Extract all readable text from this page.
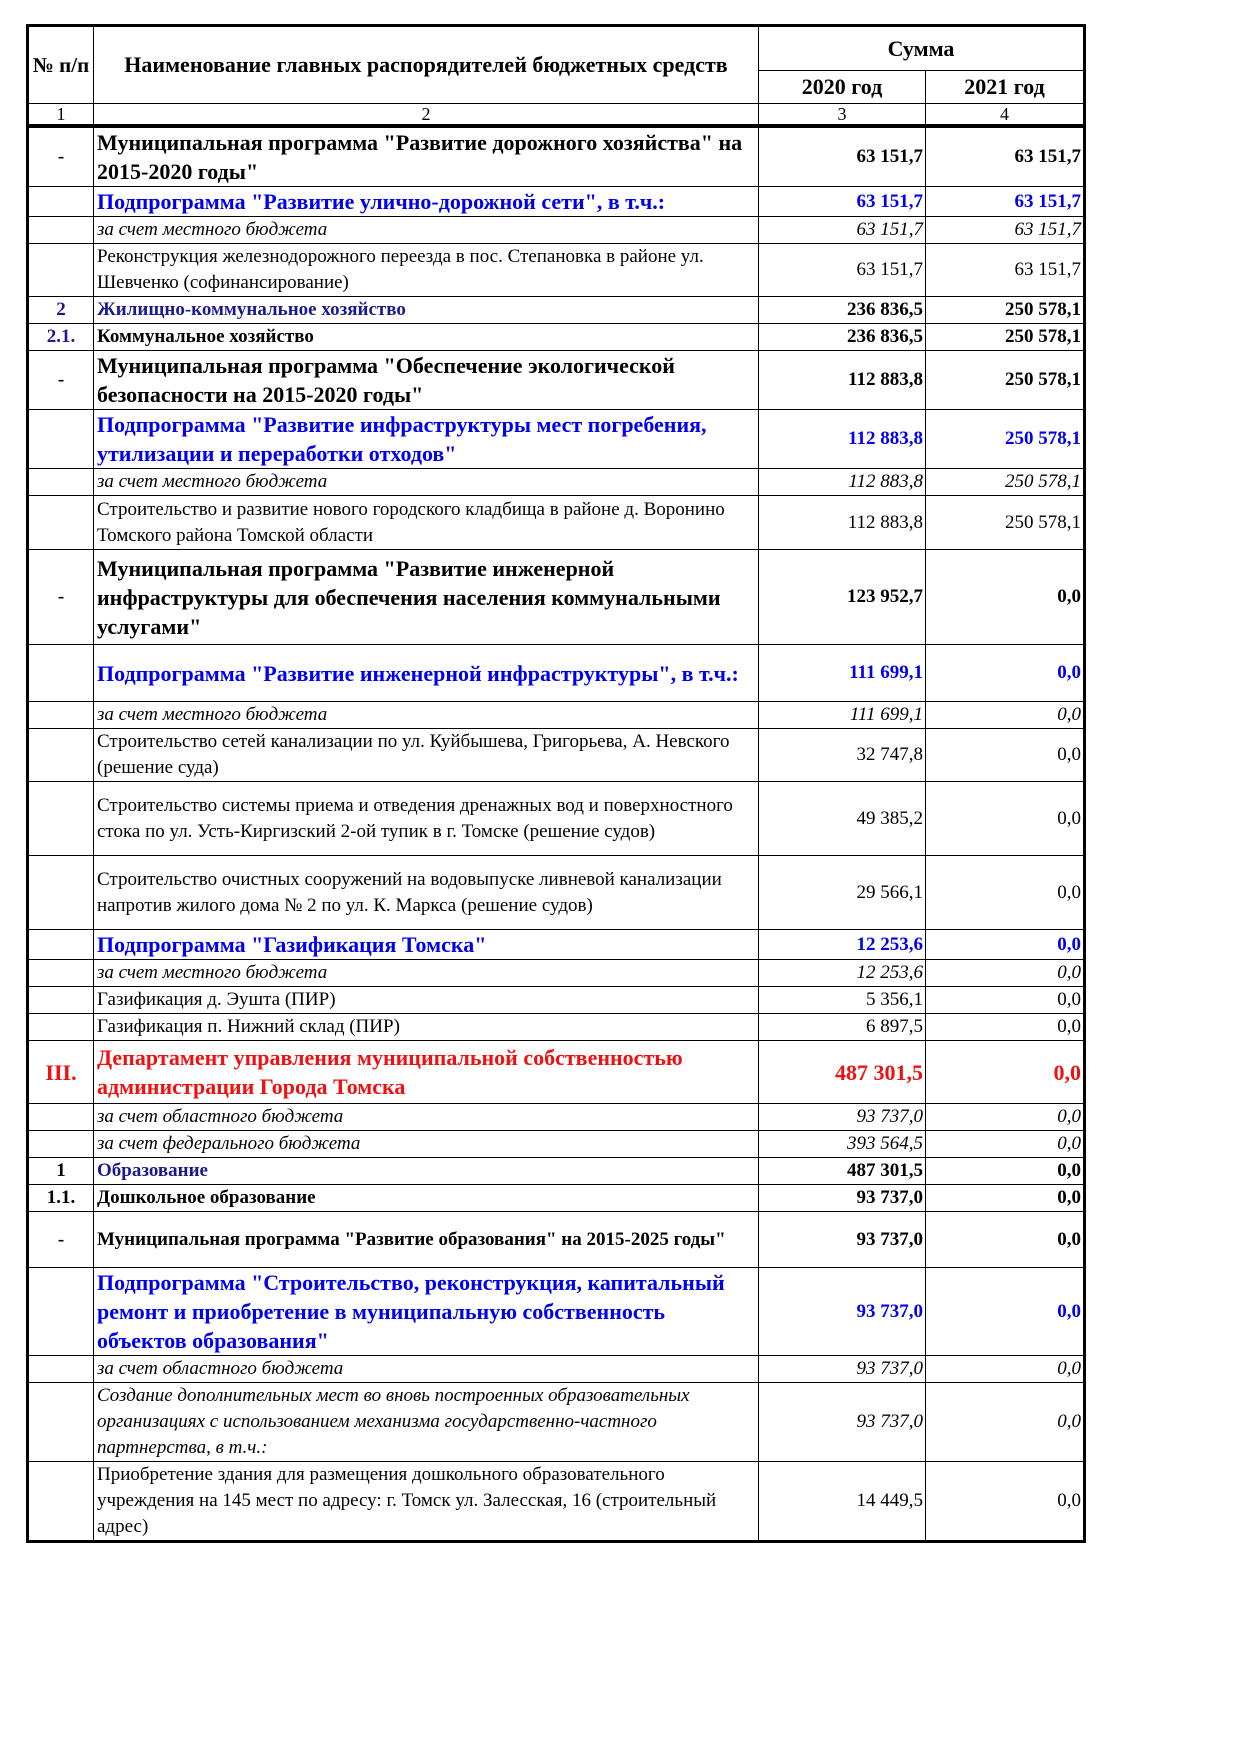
№ п/п	Наименование главных распорядителей бюджетных средств	Сумма	
		2020 год	2021 год
1	2	3	4
-	Муниципальная программа "Развитие дорожного хозяйства" на 2015-2020 годы"	63 151,7	63 151,7
	Подпрограмма "Развитие улично-дорожной сети", в т.ч.:	63 151,7	63 151,7
	за счет местного бюджета	63 151,7	63 151,7
	Реконструкция железнодорожного переезда в пос. Степановка в районе ул. Шевченко (софинансирование)	63 151,7	63 151,7
2	Жилищно-коммунальное хозяйство	236 836,5	250 578,1
2.1.	Коммунальное хозяйство	236 836,5	250 578,1
-	Муниципальная программа "Обеспечение экологической безопасности на 2015-2020 годы"	112 883,8	250 578,1
	Подпрограмма "Развитие инфраструктуры мест погребения, утилизации и переработки отходов"	112 883,8	250 578,1
	за счет местного бюджета	112 883,8	250 578,1
	Строительство и развитие нового городского кладбища в районе д. Воронино Томского района Томской области	112 883,8	250 578,1
-	Муниципальная программа "Развитие инженерной инфраструктуры для обеспечения населения коммунальными услугами"	123 952,7	0,0
	Подпрограмма "Развитие инженерной инфраструктуры", в т.ч.:	111 699,1	0,0
	за счет местного бюджета	111 699,1	0,0
	Строительство сетей канализации по ул. Куйбышева, Григорьева, А. Невского (решение суда)	32 747,8	0,0
	Строительство системы приема и отведения дренажных вод и поверхностного стока по ул. Усть-Киргизский 2-ой тупик в г. Томске (решение судов)	49 385,2	0,0
	Строительство очистных сооружений на водовыпуске ливневой канализации напротив жилого дома № 2 по ул. К. Маркса (решение судов)	29 566,1	0,0
	Подпрограмма "Газификация Томска"	12 253,6	0,0
	за счет местного бюджета	12 253,6	0,0
	Газификация д. Эушта (ПИР)	5 356,1	0,0
	Газификация п. Нижний склад (ПИР)	6 897,5	0,0
III.	Департамент управления муниципальной собственностью администрации Города Томска	487 301,5	0,0
	за счет областного бюджета	93 737,0	0,0
	за счет федерального бюджета	393 564,5	0,0
1	Образование	487 301,5	0,0
1.1.	Дошкольное образование	93 737,0	0,0
-	Муниципальная программа "Развитие образования" на 2015-2025 годы"	93 737,0	0,0
	Подпрограмма "Строительство, реконструкция, капитальный ремонт и приобретение в муниципальную собственность объектов образования"	93 737,0	0,0
	за счет областного бюджета	93 737,0	0,0
	Создание дополнительных мест во вновь построенных образовательных организациях с использованием механизма государственно-частного партнерства, в т.ч.:	93 737,0	0,0
	Приобретение здания для размещения дошкольного образовательного учреждения на 145 мест по адресу: г. Томск ул. Залесская, 16 (строительный адрес)	14 449,5	0,0
